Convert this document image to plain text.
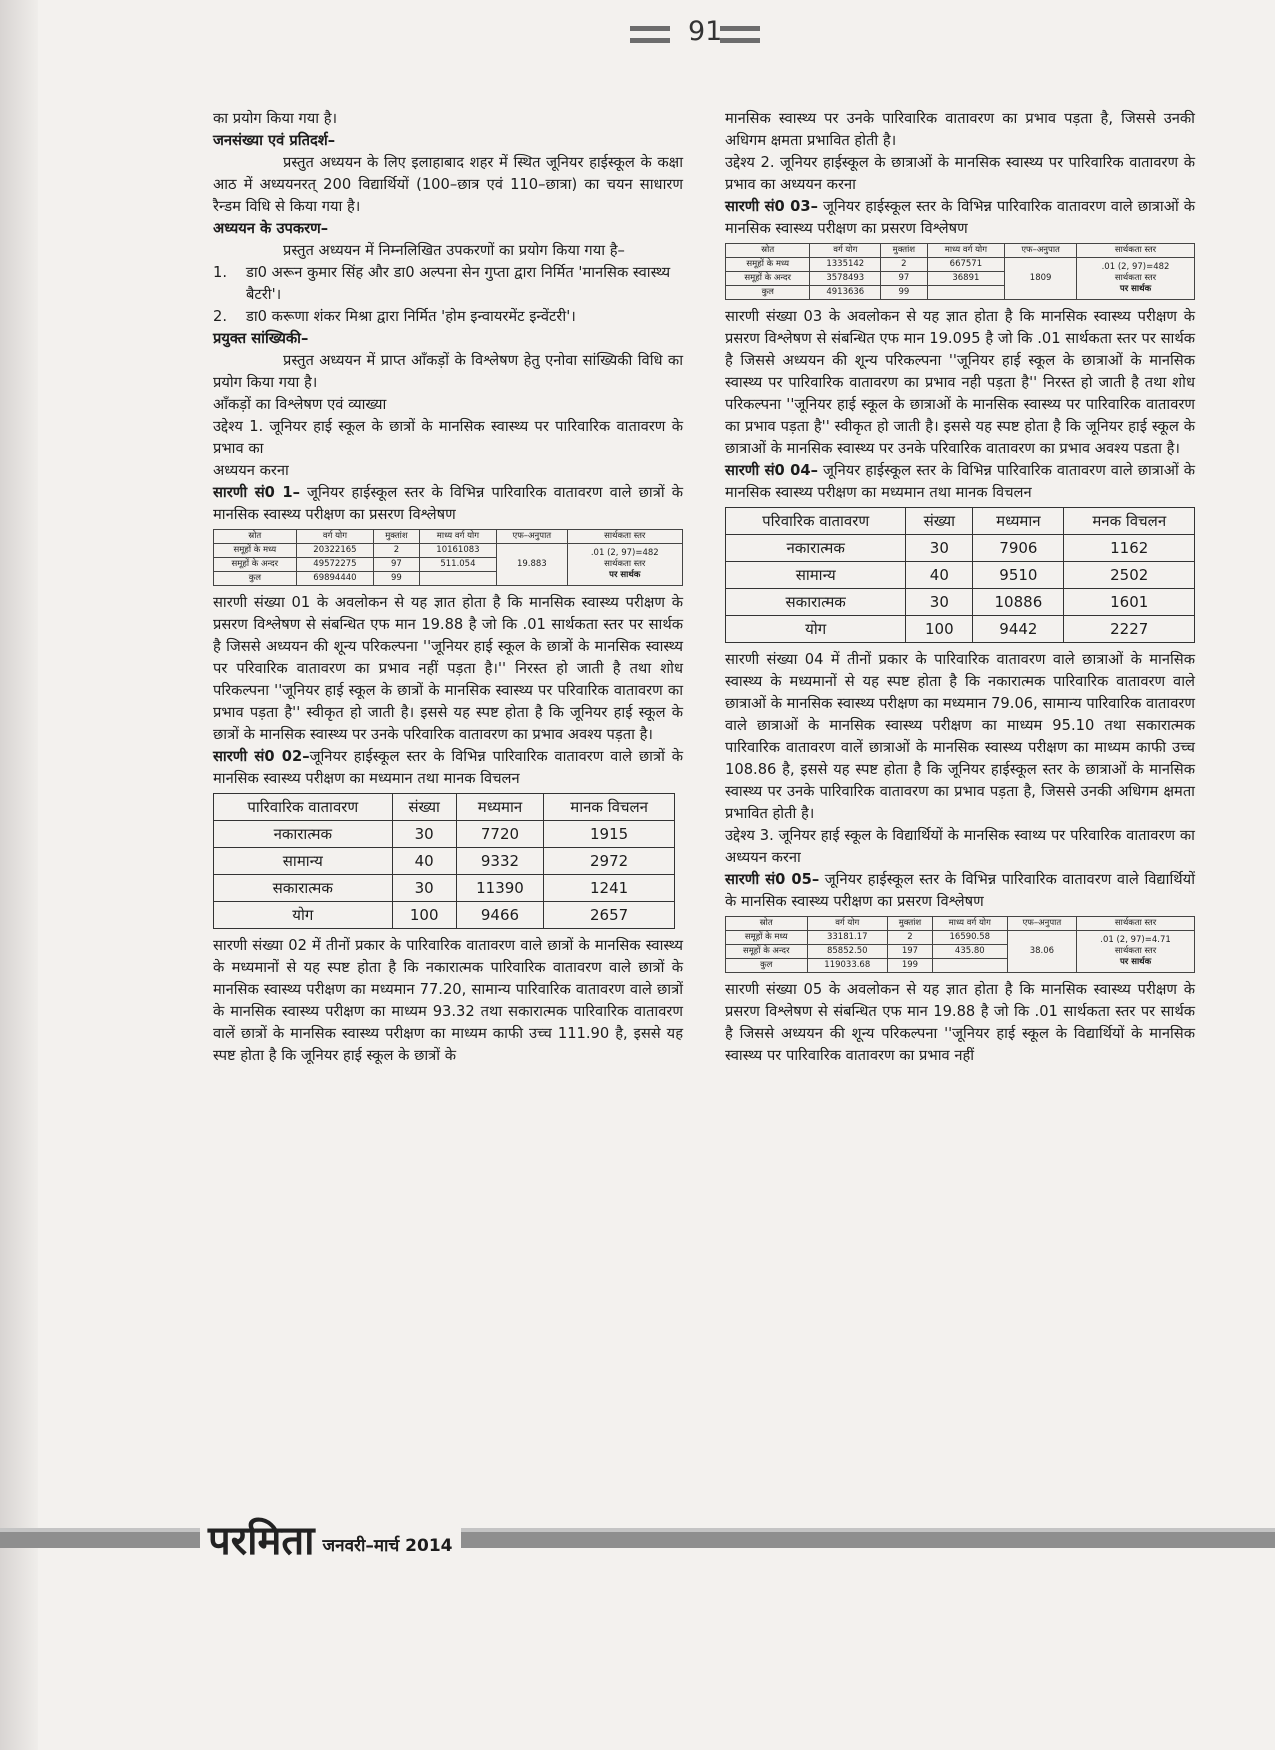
91

का प्रयोग किया गया है।

जनसंख्या एवं प्रतिदर्श–

प्रस्तुत अध्ययन के लिए इलाहाबाद शहर में स्थित जूनियर हाईस्कूल के कक्षा आठ में अध्ययनरत् 200 विद्यार्थियों (100–छात्र एवं 110–छात्रा) का चयन साधारण रैन्डम विधि से किया गया है।

अध्ययन के उपकरण–

प्रस्तुत अध्ययन में निम्नलिखित उपकरणों का प्रयोग किया गया है–

1.	डा0 अरून कुमार सिंह और डा0 अल्पना सेन गुप्ता द्वारा निर्मित 'मानसिक स्वास्थ्य बैटरी'।
2.	डा0 करूणा शंकर मिश्रा द्वारा निर्मित 'होम इन्वायरमेंट इन्वेंटरी'।

प्रयुक्त सांख्यिकी–

प्रस्तुत अध्ययन में प्राप्त आँकड़ों के विश्लेषण हेतु एनोवा सांख्यिकी विधि का प्रयोग किया गया है।

आँकड़ों का विश्लेषण एवं व्याख्या

उद्देश्य 1. जूनियर हाई स्कूल के छात्रों के मानसिक स्वास्थ्य पर पारिवारिक वातावरण के प्रभाव का

अध्ययन करना

सारणी सं0 1– जूनियर हाईस्कूल स्तर के विभिन्न पारिवारिक वातावरण वाले छात्रों के मानसिक स्वास्थ्य परीक्षण का प्रसरण विश्लेषण

स्रोत	वर्ग योग	मुक्तांश	माध्य वर्ग योग	एफ–अनुपात	सार्थकता स्तर
समूहों के मध्य	20322165	2	10161083	19.883	.01 (2, 97)=482
सार्थकता स्तर
पर सार्थक

समूहों के अन्दर	49572275	97	511.054		
कुल	69894440	99			

सारणी संख्या 01 के अवलोकन से यह ज्ञात होता है कि मानसिक स्वास्थ्य परीक्षण के प्रसरण विश्लेषण से संबन्धित एफ मान 19.88 है जो कि .01 सार्थकता स्तर पर सार्थक है जिससे अध्ययन की शून्य परिकल्पना ''जूनियर हाई स्कूल के छात्रों के मानसिक स्वास्थ्य पर परिवारिक वातावरण का प्रभाव नहीं पड़ता है।'' निरस्त हो जाती है तथा शोध परिकल्पना ''जूनियर हाई स्कूल के छात्रों के मानसिक स्वास्थ्य पर परिवारिक वातावरण का प्रभाव पड़ता है'' स्वीकृत हो जाती है। इससे यह स्पष्ट होता है कि जूनियर हाई स्कूल के छात्रों के मानसिक स्वास्थ्य पर उनके परिवारिक वातावरण का प्रभाव अवश्य पड़ता है।

सारणी सं0 02–जूनियर हाईस्कूल स्तर के विभिन्न पारिवारिक वातावरण वाले छात्रों के मानसिक स्वास्थ्य परीक्षण का मध्यमान तथा मानक विचलन

पारिवारिक वातावरण	संख्या	मध्यमान	मानक विचलन
नकारात्मक	30	7720	1915
सामान्य	40	9332	2972
सकारात्मक	30	11390	1241
योग	100	9466	2657

सारणी संख्या 02 में तीनों प्रकार के पारिवारिक वातावरण वाले छात्रों के मानसिक स्वास्थ्य के मध्यमानों से यह स्पष्ट होता है कि नकारात्मक पारिवारिक वातावरण वाले छात्रों के मानसिक स्वास्थ्य परीक्षण का मध्यमान 77.20, सामान्य पारिवारिक वातावरण वाले छात्रों के मानसिक स्वास्थ्य परीक्षण का माध्यम 93.32 तथा सकारात्मक पारिवारिक वातावरण वालें छात्रों के मानसिक स्वास्थ्य परीक्षण का माध्यम काफी उच्च 111.90 है, इससे यह स्पष्ट होता है कि जूनियर हाई स्कूल के छात्रों के

मानसिक स्वास्थ्य पर उनके पारिवारिक वातावरण का प्रभाव पड़ता है, जिससे उनकी अधिगम क्षमता प्रभावित होती है।

उद्देश्य 2. जूनियर हाईस्कूल के छात्राओं के मानसिक स्वास्थ्य पर पारिवारिक वातावरण के प्रभाव का अध्ययन करना

सारणी सं0 03– जूनियर हाईस्कूल स्तर के विभिन्न पारिवारिक वातावरण वाले छात्राओं के मानसिक स्वास्थ्य परीक्षण का प्रसरण विश्लेषण

स्रोत	वर्ग योग	मुक्तांश	माध्य वर्ग योग	एफ–अनुपात	सार्थकता स्तर
समूहों के मध्य	1335142	2	667571	1809	.01 (2, 97)=482
सार्थकता स्तर
पर सार्थक

समूहों के अन्दर	3578493	97	36891		
कुल	4913636	99			

सारणी संख्या 03 के अवलोकन से यह ज्ञात होता है कि मानसिक स्वास्थ्य परीक्षण के प्रसरण विश्लेषण से संबन्धित एफ मान 19.095 है जो कि .01 सार्थकता स्तर पर सार्थक है जिससे अध्ययन की शून्य परिकल्पना ''जूनियर हाई स्कूल के छात्राओं के मानसिक स्वास्थ्य पर पारिवारिक वातावरण का प्रभाव नही पड़ता है'' निरस्त हो जाती है तथा शोध परिकल्पना ''जूनियर हाई स्कूल के छात्राओं के मानसिक स्वास्थ्य पर पारिवारिक वातावरण का प्रभाव पड़ता है'' स्वीकृत हो जाती है। इससे यह स्पष्ट होता है कि जूनियर हाई स्कूल के छात्राओं के मानसिक स्वास्थ्य पर उनके परिवारिक वातावरण का प्रभाव अवश्य पडता है।

सारणी सं0 04– जूनियर हाईस्कूल स्तर के विभिन्न पारिवारिक वातावरण वाले छात्राओं के मानसिक स्वास्थ्य परीक्षण का मध्यमान तथा मानक विचलन

परिवारिक वातावरण	संख्या	मध्यमान	मनक विचलन
नकारात्मक	30	7906	1162
सामान्य	40	9510	2502
सकारात्मक	30	10886	1601
योग	100	9442	2227

सारणी संख्या 04 में तीनों प्रकार के पारिवारिक वातावरण वाले छात्राओं के मानसिक स्वास्थ्य के मध्यमानों से यह स्पष्ट होता है कि नकारात्मक पारिवारिक वातावरण वाले छात्राओं के मानसिक स्वास्थ्य परीक्षण का मध्यमान 79.06, सामान्य पारिवारिक वातावरण वाले छात्राओं के मानसिक स्वास्थ्य परीक्षण का माध्यम 95.10 तथा सकारात्मक पारिवारिक वातावरण वालें छात्राओं के मानसिक स्वास्थ्य परीक्षण का माध्यम काफी उच्च 108.86 है, इससे यह स्पष्ट होता है कि जूनियर हाईस्कूल स्तर के छात्राओं के मानसिक स्वास्थ्य पर उनके पारिवारिक वातावरण का प्रभाव पड़ता है, जिससे उनकी अधिगम क्षमता प्रभावित होती है।

उद्देश्य 3. जूनियर हाई स्कूल के विद्यार्थियों के मानसिक स्वाथ्य पर परिवारिक वातावरण का अध्ययन करना

सारणी सं0 05– जूनियर हाईस्कूल स्तर के विभिन्न पारिवारिक वातावरण वाले विद्यार्थियों के मानसिक स्वास्थ्य परीक्षण का प्रसरण विश्लेषण

स्रोत	वर्ग योग	मुक्तांश	माध्य वर्ग योग	एफ–अनुपात	सार्थकता स्तर
समूहों के मध्य	33181.17	2	16590.58	38.06	.01 (2, 97)=4.71
सार्थकता स्तर
पर सार्थक

समूहों के अन्दर	85852.50	197	435.80		
कुल	119033.68	199			

सारणी संख्या 05 के अवलोकन से यह ज्ञात होता है कि मानसिक स्वास्थ्य परीक्षण के प्रसरण विश्लेषण से संबन्धित एफ मान 19.88 है जो कि .01 सार्थकता स्तर पर सार्थक है जिससे अध्ययन की शून्य परिकल्पना ''जूनियर हाई स्कूल के विद्यार्थियों के मानसिक स्वास्थ्य पर पारिवारिक वातावरण का प्रभाव नहीं

परमिता जनवरी–मार्च 2014
